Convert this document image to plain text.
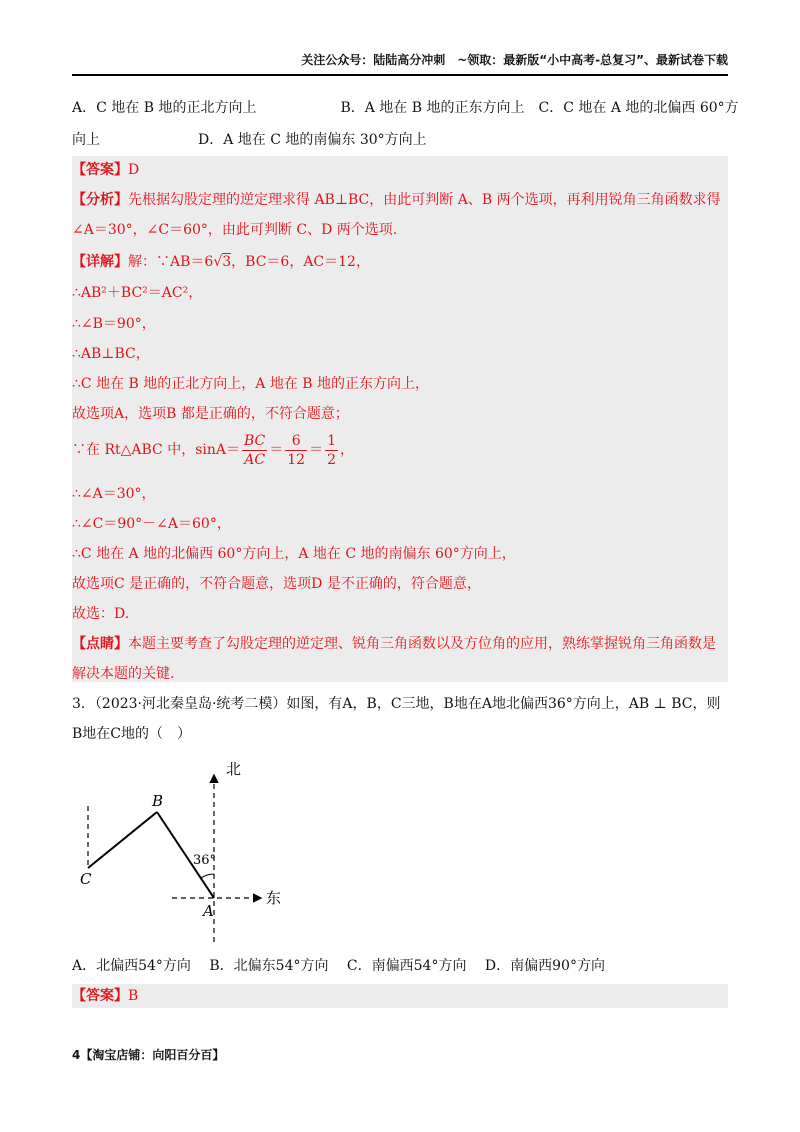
关注公众号：陆陆高分冲刺　~领取：最新版“小中高考-总复习”、最新试卷下载
A．C 地在 B 地的正北方向上　　　　　　B．A 地在 B 地的正东方向上　C．C 地在 A 地的北偏西 60°方
向上　　　　　　　D．A 地在 C 地的南偏东 30°方向上
【答案】D
【分析】先根据勾股定理的逆定理求得 AB⊥BC，由此可判断 A、B 两个选项，再利用锐角三角函数求得
∠A＝30°，∠C＝60°，由此可判断 C、D 两个选项.
【详解】解：∵AB＝6√3，BC＝6，AC＝12，
∴AB²＋BC²＝AC²，
∴∠B＝90°，
∴AB⊥BC，
∴C 地在 B 地的正北方向上，A 地在 B 地的正东方向上，
故选项A，选项B 都是正确的，不符合题意；
∵在 Rt△ABC 中，$\sin A= \frac{BC}{AC} = \frac{6}{12} = \frac{1}{2}$ ，
∴∠A＝30°，
∴∠C＝90°－∠A＝60°，
∴C 地在 A 地的北偏西 60°方向上，A 地在 C 地的南偏东 60°方向上，
故选项C 是正确的，不符合题意，选项D 是不正确的，符合题意，
故选：D.
【点睛】本题主要考查了勾股定理的逆定理、锐角三角函数以及方位角的应用，熟练掌握锐角三角函数是
解决本题的关键.
3．（2023·河北秦皇岛·统考二模）如图，有A，B，C三地，B地在A地北偏西36°方向上，AB ⊥ BC，则
B地在C地的（　）
北
东
B
C
A
36°
A．北偏西54°方向　 B．北偏东54°方向　 C．南偏西54°方向　 D．南偏西90°方向
【答案】B
4【淘宝店铺：向阳百分百】
